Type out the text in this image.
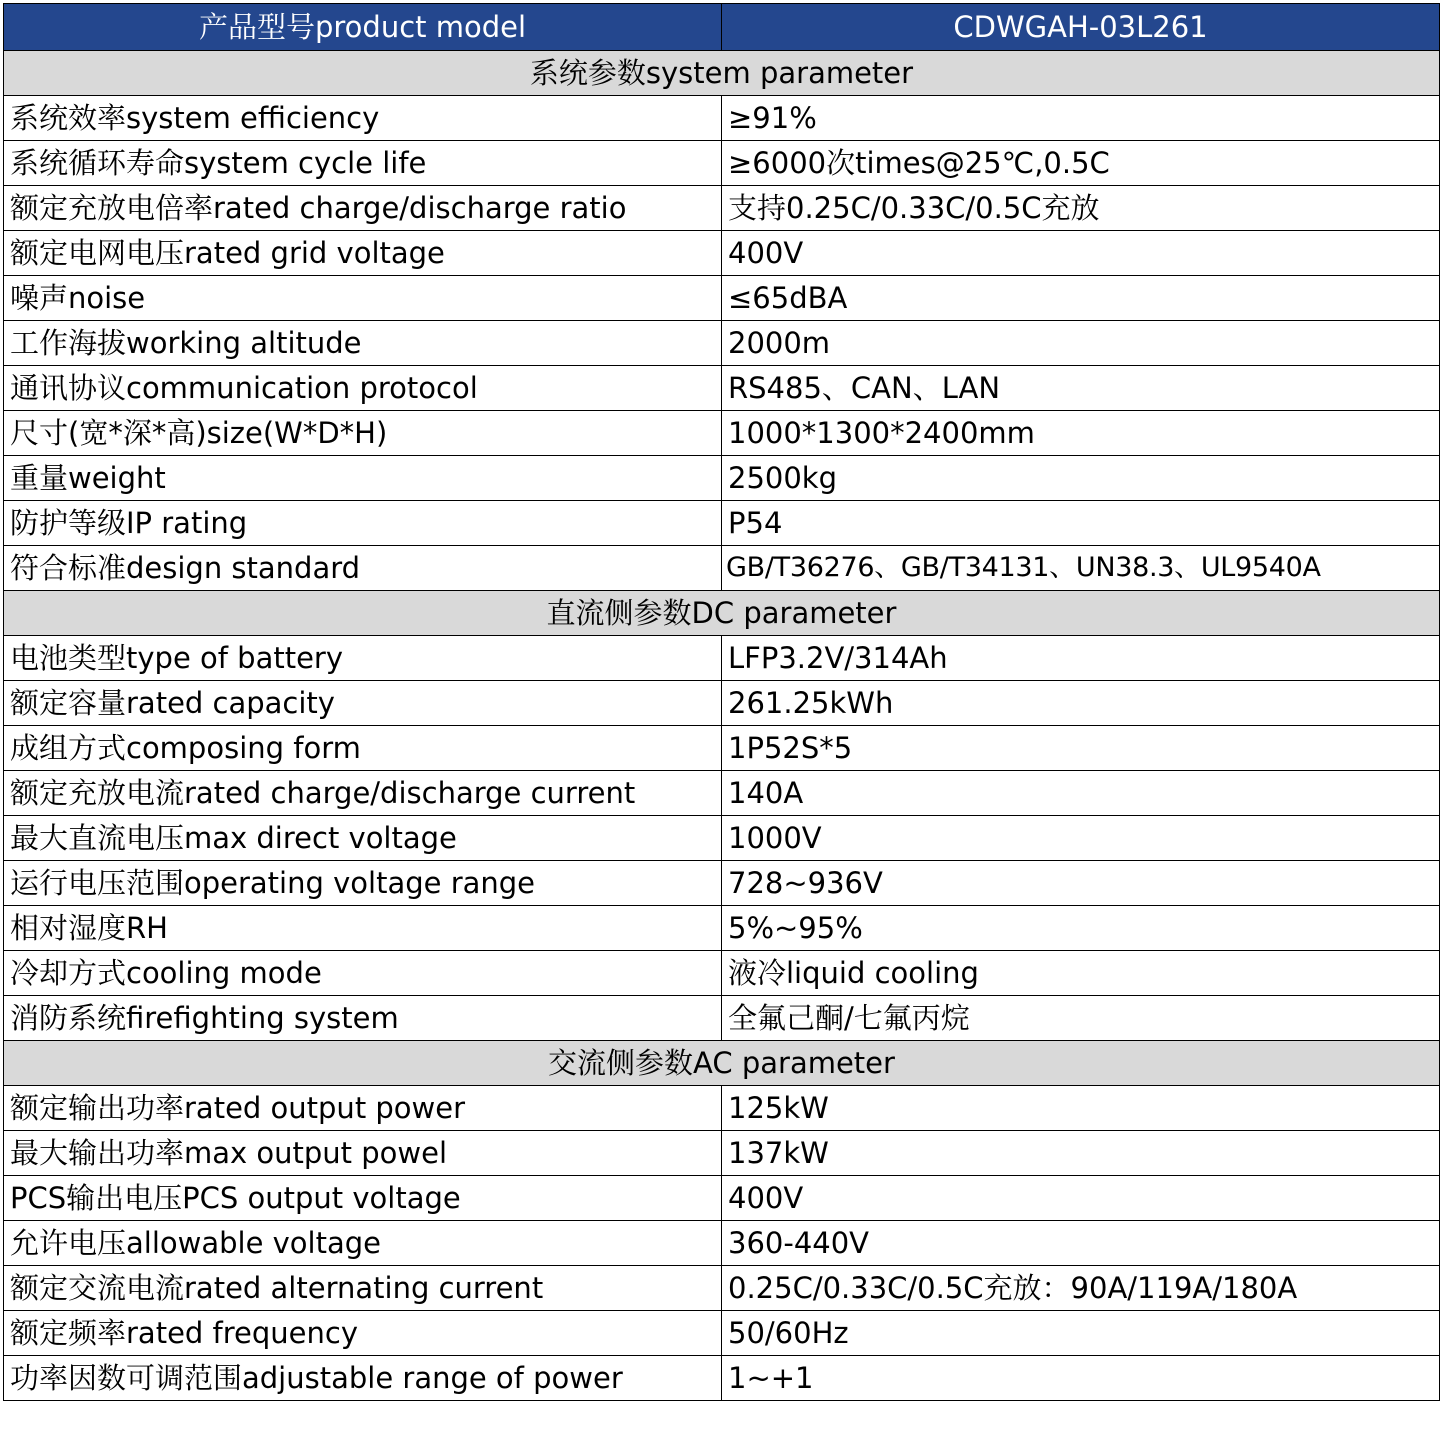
产品型号product model	CDWGAH-03L261
系统参数system parameter	
系统效率system efficiency	≥91%
系统循环寿命system cycle life	≥6000次times@25℃,0.5C
额定充放电倍率rated charge/discharge ratio	支持0.25C/0.33C/0.5C充放
额定电网电压rated grid voltage	400V
噪声noise	≤65dBA
工作海拔working altitude	2000m
通讯协议communication protocol	RS485、CAN、LAN
尺寸(宽*深*高)size(W*D*H)	1000*1300*2400mm
重量weight	2500kg
防护等级IP rating	P54
符合标准design standard	GB/T36276、GB/T34131、UN38.3、UL9540A
直流侧参数DC parameter	
电池类型type of battery	LFP3.2V/314Ah
额定容量rated capacity	261.25kWh
成组方式composing form	1P52S*5
额定充放电流rated charge/discharge current	140A
最大直流电压max direct voltage	1000V
运行电压范围operating voltage range	728~936V
相对湿度RH	5%~95%
冷却方式cooling mode	液冷liquid cooling
消防系统firefighting system	全氟己酮/七氟丙烷
交流侧参数AC parameter	
额定输出功率rated output power	125kW
最大输出功率max output powel	137kW
PCS输出电压PCS output voltage	400V
允许电压allowable voltage	360-440V
额定交流电流rated alternating current	0.25C/0.33C/0.5C充放：90A/119A/180A
额定频率rated frequency	50/60Hz
功率因数可调范围adjustable range of power	1~+1
